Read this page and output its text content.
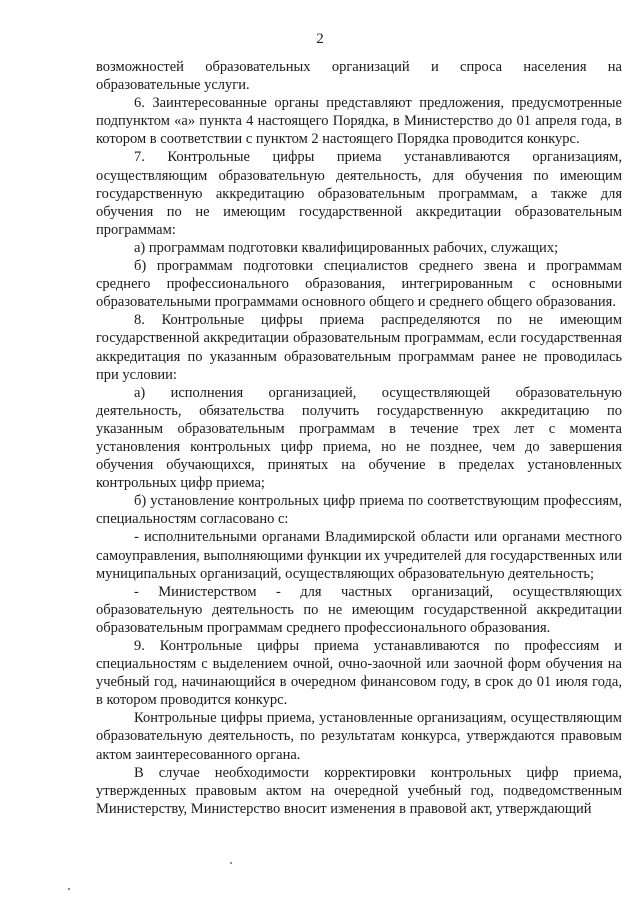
2

возможностей образовательных организаций и спроса населения на образовательные услуги.

6. Заинтересованные органы представляют предложения, предусмотренные подпунктом «а» пункта 4 настоящего Порядка, в Министерство до 01 апреля года, в котором в соответствии с пунктом 2 настоящего Порядка проводится конкурс.

7. Контрольные цифры приема устанавливаются организациям, осуществляющим образовательную деятельность, для обучения по имеющим государственную аккредитацию образовательным программам, а также для обучения по не имеющим государственной аккредитации образовательным программам:

а) программам подготовки квалифицированных рабочих, служащих;

б) программам подготовки специалистов среднего звена и программам среднего профессионального образования, интегрированным с основными образовательными программами основного общего и среднего общего образования.

8. Контрольные цифры приема распределяются по не имеющим государственной аккредитации образовательным программам, если государственная аккредитация по указанным образовательным программам ранее не проводилась при условии:

а) исполнения организацией, осуществляющей образовательную деятельность, обязательства получить государственную аккредитацию по указанным образовательным программам в течение трех лет с момента установления контрольных цифр приема, но не позднее, чем до завершения обучения обучающихся, принятых на обучение в пределах установленных контрольных цифр приема;

б) установление контрольных цифр приема по соответствующим профессиям, специальностям согласовано с:

- исполнительными органами Владимирской области или органами местного самоуправления, выполняющими функции их учредителей для государственных или муниципальных организаций, осуществляющих образовательную деятельность;

- Министерством - для частных организаций, осуществляющих образовательную деятельность по не имеющим государственной аккредитации образовательным программам среднего профессионального образования.

9. Контрольные цифры приема устанавливаются по профессиям и специальностям с выделением очной, очно-заочной или заочной форм обучения на учебный год, начинающийся в очередном финансовом году, в срок до 01 июля года, в котором проводится конкурс.

Контрольные цифры приема, установленные организациям, осуществляющим образовательную деятельность, по результатам конкурса, утверждаются правовым актом заинтересованного органа.

В случае необходимости корректировки контрольных цифр приема, утвержденных правовым актом на очередной учебный год, подведомственным Министерству, Министерство вносит изменения в правовой акт, утверждающий
